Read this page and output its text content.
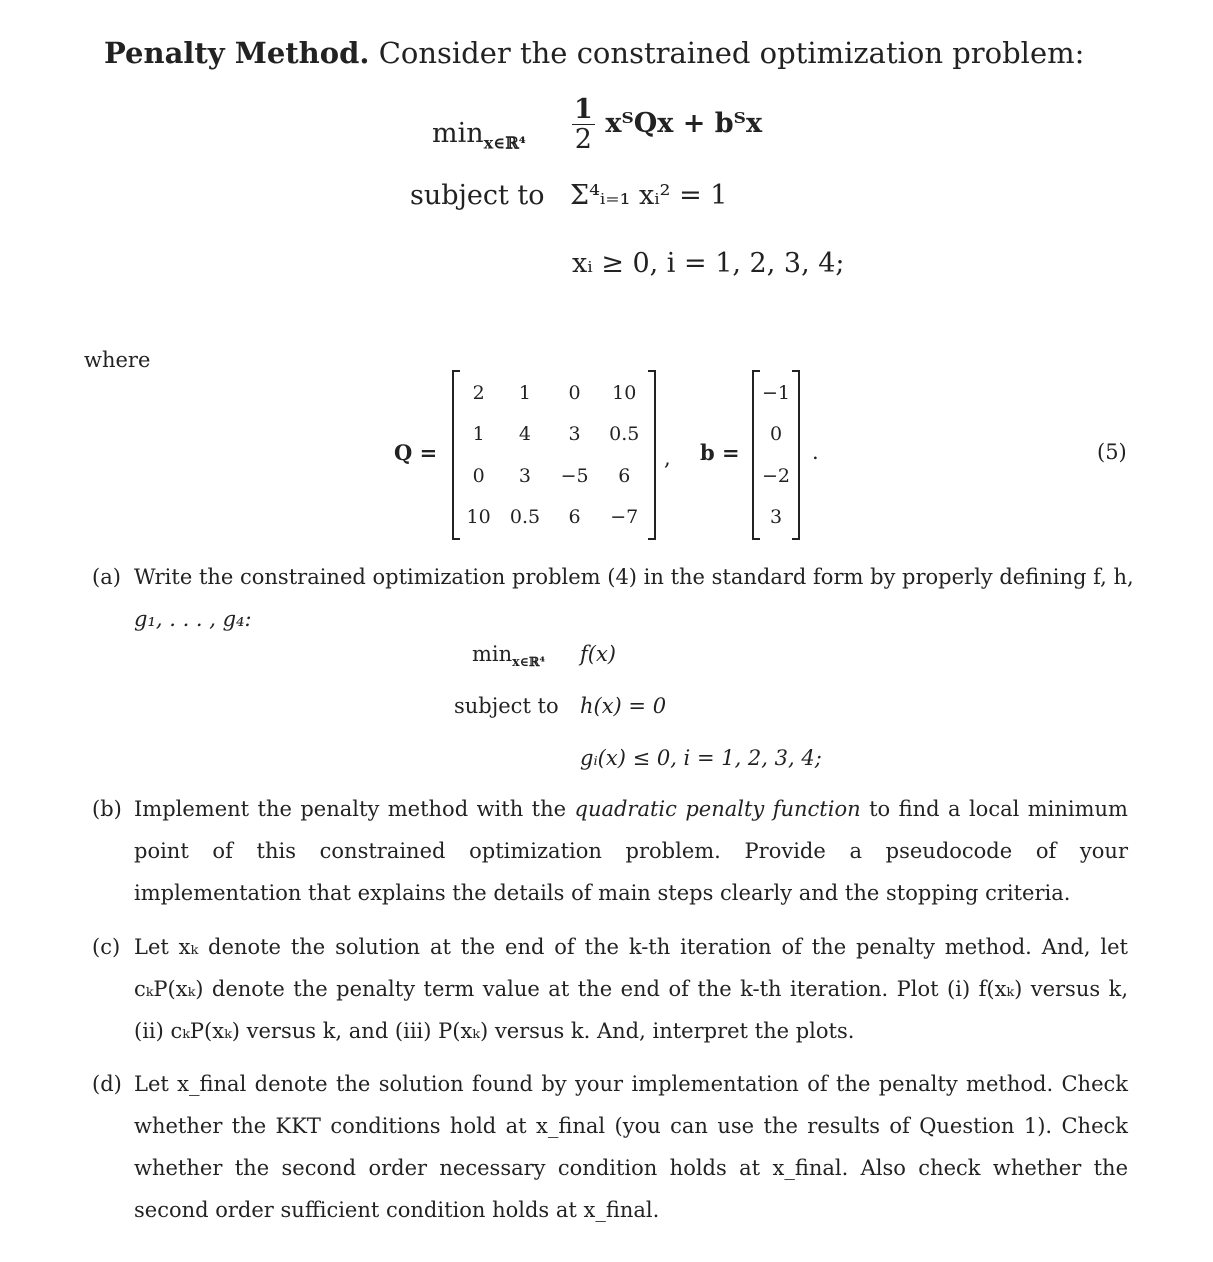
Penalty Method. Consider the constrained optimization problem:
$\min_{x\in ℝ^4} \frac{1}{2}$ xᵀQx + bᵀx
subject to Σ⁴ᵢ₌₁ xᵢ² = 1
xᵢ ≥ 0, i = 1, 2, 3, 4;
where
Q =
2	1	0	10
1	4	3	0.5
0	3	−5	6
10	0.5	6	−7
, b =
−1
0
−2
3
.	(5)
(a) Write the constrained optimization problem (4) in the standard form by properly defining f, h,
g₁, . . . , g₄:
$\min_{x\in ℝ^4} f(x)$
subject to h(x) = 0
gᵢ(x) ≤ 0, i = 1, 2, 3, 4;
(b) Implement the penalty method with the quadratic penalty function to find a local minimum point of this constrained optimization problem. Provide a pseudocode of your implementation that explains the details of main steps clearly and the stopping criteria.
(c) Let xₖ denote the solution at the end of the k-th iteration of the penalty method. And, let cₖP(xₖ) denote the penalty term value at the end of the k-th iteration. Plot (i) f(xₖ) versus k, (ii) cₖP(xₖ) versus k, and (iii) P(xₖ) versus k. And, interpret the plots.
(d) Let x_final denote the solution found by your implementation of the penalty method. Check whether the KKT conditions hold at x_final (you can use the results of Question 1). Check whether the second order necessary condition holds at x_final. Also check whether the second order sufficient condition holds at x_final.
